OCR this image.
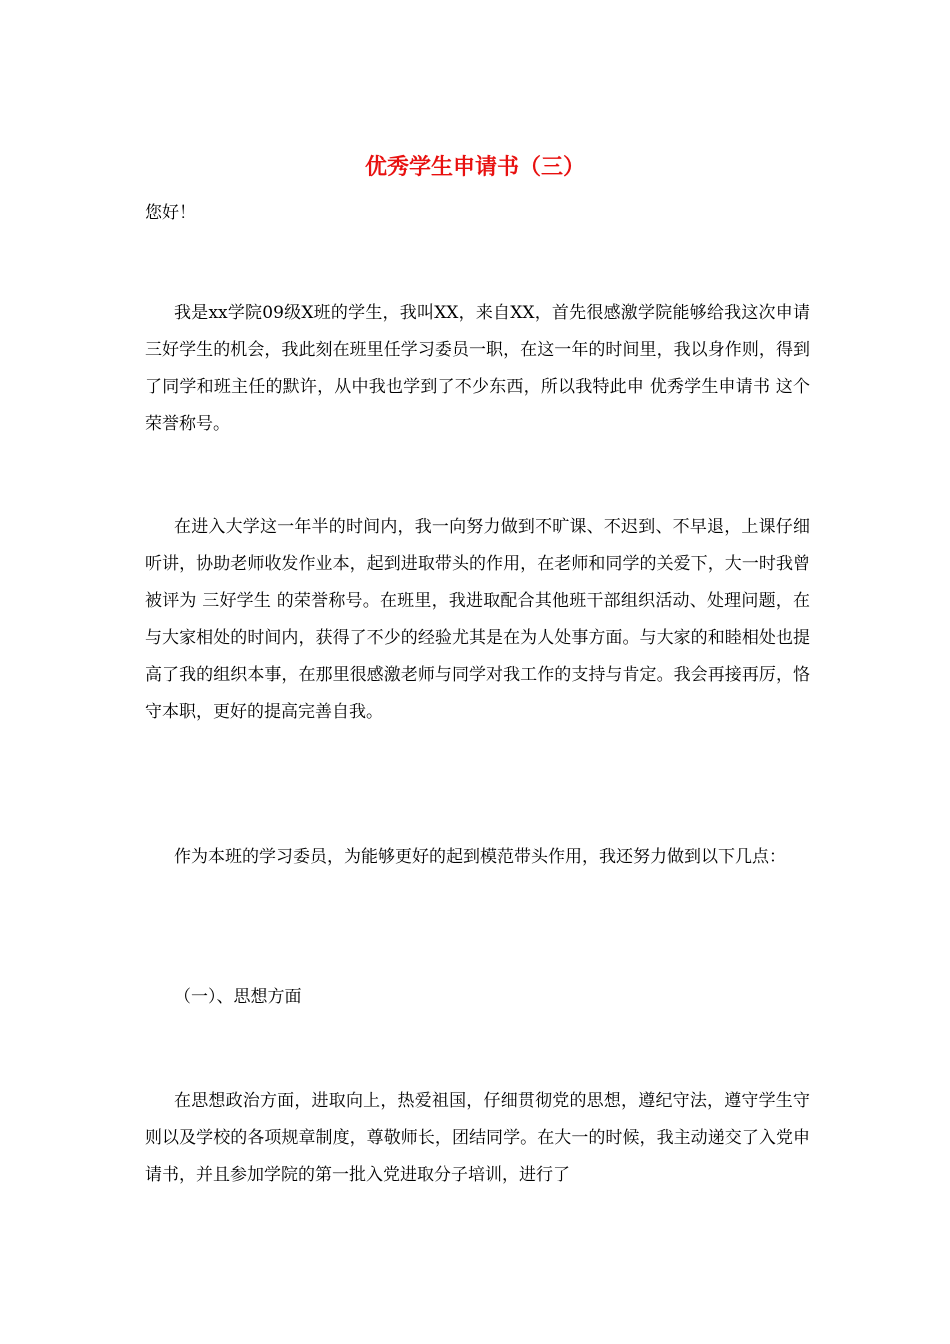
优秀学生申请书（三）
您好！

我是xx学院09级X班的学生，我叫XX，来自XX，首先很感激学院能够给我这次申请三好学生的机会，我此刻在班里任学习委员一职，在这一年的时间里，我以身作则，得到了同学和班主任的默许，从中我也学到了不少东西，所以我特此申 优秀学生申请书 这个荣誉称号。

在进入大学这一年半的时间内，我一向努力做到不旷课、不迟到、不早退，上课仔细听讲，协助老师收发作业本，起到进取带头的作用，在老师和同学的关爱下，大一时我曾被评为 三好学生 的荣誉称号。在班里，我进取配合其他班干部组织活动、处理问题，在与大家相处的时间内，获得了不少的经验尤其是在为人处事方面。与大家的和睦相处也提高了我的组织本事，在那里很感激老师与同学对我工作的支持与肯定。我会再接再厉，恪守本职，更好的提高完善自我。

作为本班的学习委员，为能够更好的起到模范带头作用，我还努力做到以下几点：

（一）、思想方面

在思想政治方面，进取向上，热爱祖国，仔细贯彻党的思想，遵纪守法，遵守学生守则以及学校的各项规章制度，尊敬师长，团结同学。在大一的时候，我主动递交了入党申请书，并且参加学院的第一批入党进取分子培训，进行了
